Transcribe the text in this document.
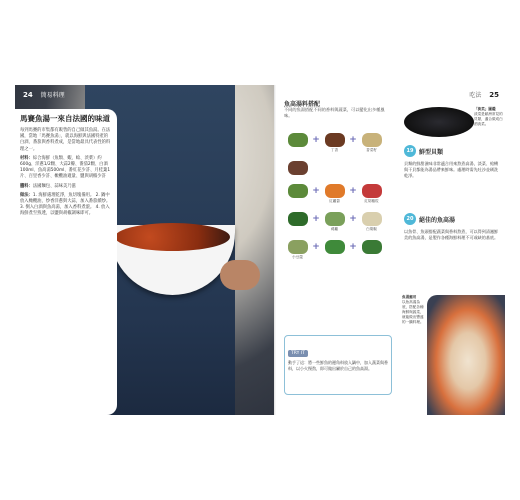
24 簡易料理
馬賽魚湯一來自法國的味道

每到馬賽的市集都有販售的自己做其魚湯。在法國，當地「馬賽魚湯」，就以海鮮與法國特產的白酒、番茄與香料煮成，是當地最具代表性的料理之一。

材料：綜合海鮮（魚類、蝦、蛤、淡菜）約600g、洋蔥1/2顆、大蒜2瓣、番茄2顆、白酒100ml、魚高湯500ml、番紅花少許、月桂葉1片、百里香少許、橄欖油適量、鹽與胡椒少許

醬料：法國麵包、蒜味美乃滋

做法：1. 海鮮處理乾淨，魚切塊備用。 2. 鍋中放入橄欖油，炒香洋蔥與大蒜，加入番茄續炒。 3. 倒入白酒與魚高湯，加入香料煮滾。 4. 放入海鮮煮至熟透，以鹽與胡椒調味即可。

吃法 25
魚高湯料搭配
不同的魚湯搭配不同的香料與蔬菜，可以變化出多種風味。
+
丁香
+
香菜籽
+
紅蘿蔔
+
紅胡椒粒
+
蒔蘿
+
白胡椒
小豆蔻
+	+
TRY IT

動手了這：將一些鮮魚的邊角料放入鍋中，加入蔬菜與香料，以小火慢熬，即可做出屬於自己的魚高湯。

「淡菜」圖鑑
淡菜是歐洲常見的貝類，適合做成白酒淡菜。
19 鮮型貝類
貝類的鮮甜滋味非常適合用來熬煮高湯，淡菜、蛤蜊與干貝都能為湯品帶來鮮味。處理時需先吐沙並刷洗乾淨。
20 絕佳的魚高湯
以魚骨、魚頭搭配蔬菜與香料熬煮，可以得到清澈鮮美的魚高湯，是製作各種海鮮料理不可或缺的基底。
魚湯應用
以魚高湯為底，搭配各種海鮮與蔬菜，就能做出豐盛的一鍋料理。
